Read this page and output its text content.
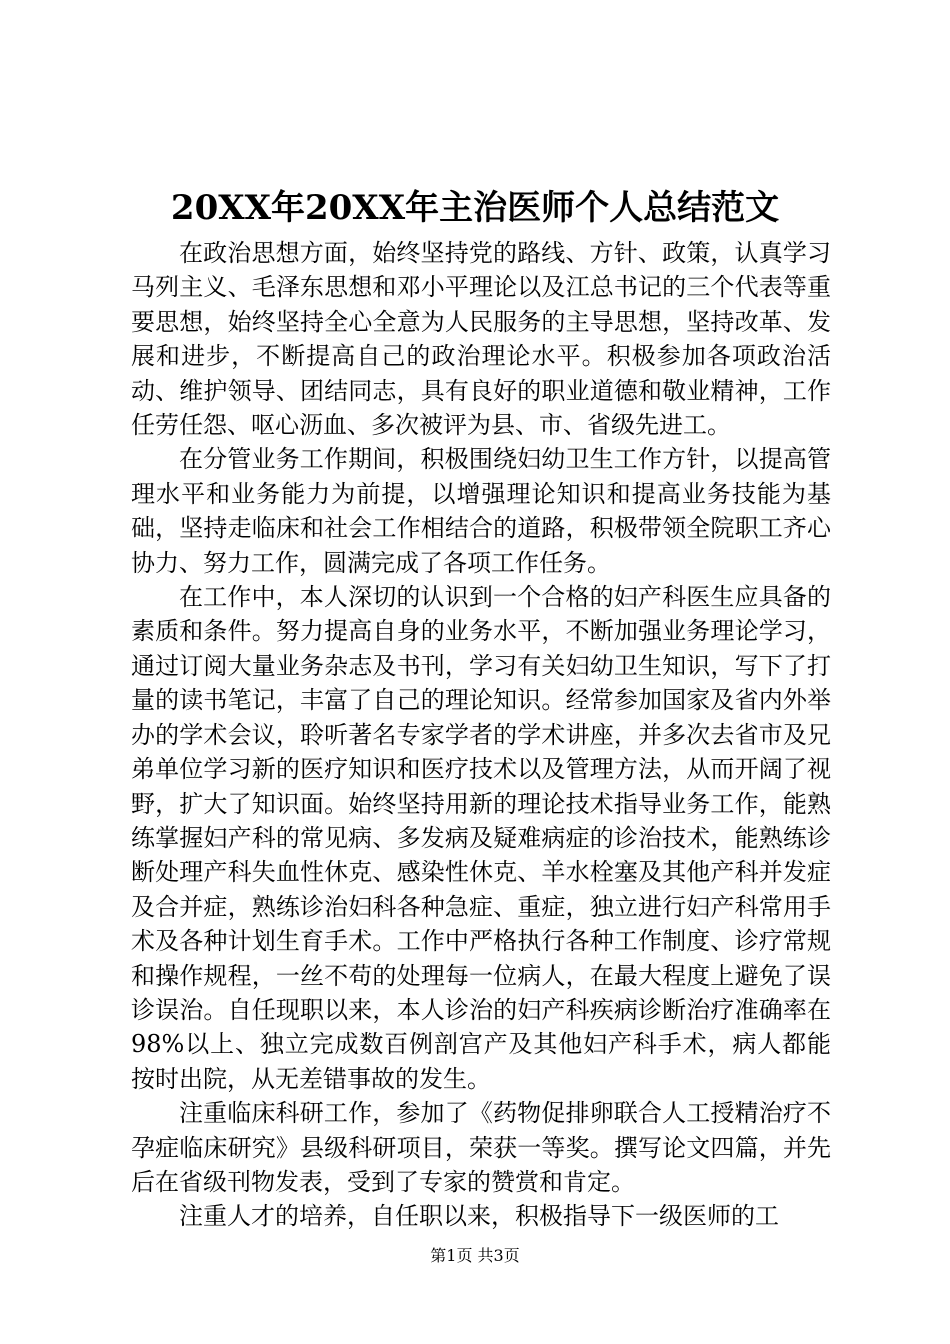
20XX年20XX年主治医师个人总结范文

在政治思想方面，始终坚持党的路线、方针、政策，认真学习马列主义、毛泽东思想和邓小平理论以及江总书记的三个代表等重要思想，始终坚持全心全意为人民服务的主导思想，坚持改革、发展和进步，不断提高自己的政治理论水平。积极参加各项政治活动、维护领导、团结同志，具有良好的职业道德和敬业精神，工作任劳任怨、呕心沥血、多次被评为县、市、省级先进工。

在分管业务工作期间，积极围绕妇幼卫生工作方针，以提高管理水平和业务能力为前提，以增强理论知识和提高业务技能为基础，坚持走临床和社会工作相结合的道路，积极带领全院职工齐心协力、努力工作，圆满完成了各项工作任务。

在工作中，本人深切的认识到一个合格的妇产科医生应具备的素质和条件。努力提高自身的业务水平，不断加强业务理论学习，通过订阅大量业务杂志及书刊，学习有关妇幼卫生知识，写下了打量的读书笔记，丰富了自己的理论知识。经常参加国家及省内外举办的学术会议，聆听著名专家学者的学术讲座，并多次去省市及兄弟单位学习新的医疗知识和医疗技术以及管理方法，从而开阔了视野，扩大了知识面。始终坚持用新的理论技术指导业务工作，能熟练掌握妇产科的常见病、多发病及疑难病症的诊治技术，能熟练诊断处理产科失血性休克、感染性休克、羊水栓塞及其他产科并发症及合并症，熟练诊治妇科各种急症、重症，独立进行妇产科常用手术及各种计划生育手术。工作中严格执行各种工作制度、诊疗常规和操作规程，一丝不苟的处理每一位病人，在最大程度上避免了误诊误治。自任现职以来，本人诊治的妇产科疾病诊断治疗准确率在98%以上、独立完成数百例剖宫产及其他妇产科手术，病人都能按时出院，从无差错事故的发生。

注重临床科研工作，参加了《药物促排卵联合人工授精治疗不孕症临床研究》县级科研项目，荣获一等奖。撰写论文四篇，并先后在省级刊物发表，受到了专家的赞赏和肯定。

注重人才的培养，自任职以来，积极指导下一级医师的工

第1页 共3页
